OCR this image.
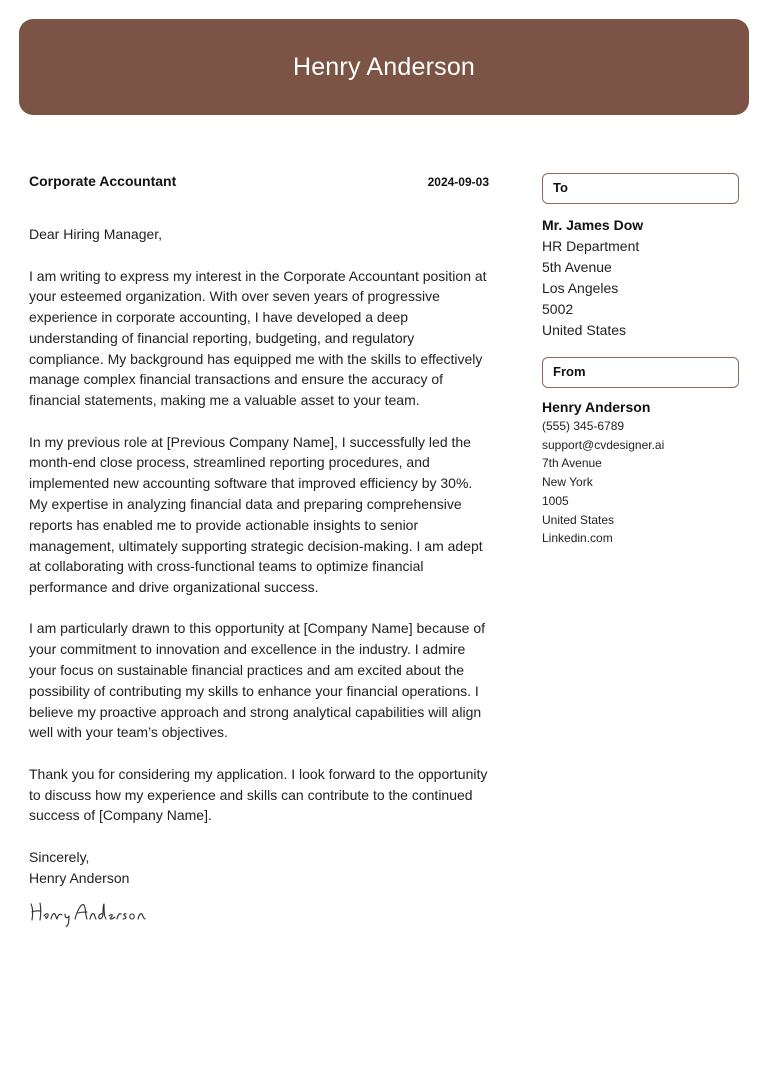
Henry Anderson
Corporate Accountant	2024-09-03
Dear Hiring Manager,
I am writing to express my interest in the Corporate Accountant position at your esteemed organization. With over seven years of progressive experience in corporate accounting, I have developed a deep understanding of financial reporting, budgeting, and regulatory compliance. My background has equipped me with the skills to effectively manage complex financial transactions and ensure the accuracy of financial statements, making me a valuable asset to your team.
In my previous role at [Previous Company Name], I successfully led the month-end close process, streamlined reporting procedures, and implemented new accounting software that improved efficiency by 30%. My expertise in analyzing financial data and preparing comprehensive reports has enabled me to provide actionable insights to senior management, ultimately supporting strategic decision-making. I am adept at collaborating with cross-functional teams to optimize financial performance and drive organizational success.
I am particularly drawn to this opportunity at [Company Name] because of your commitment to innovation and excellence in the industry. I admire your focus on sustainable financial practices and am excited about the possibility of contributing my skills to enhance your financial operations. I believe my proactive approach and strong analytical capabilities will align well with your team’s objectives.
Thank you for considering my application. I look forward to the opportunity to discuss how my experience and skills can contribute to the continued success of [Company Name].
Sincerely,
Henry Anderson
To
Mr. James Dow
HR Department
5th Avenue
Los Angeles
5002
United States
From
Henry Anderson
(555) 345-6789
support@cvdesigner.ai
7th Avenue
New York
1005
United States
Linkedin.com
